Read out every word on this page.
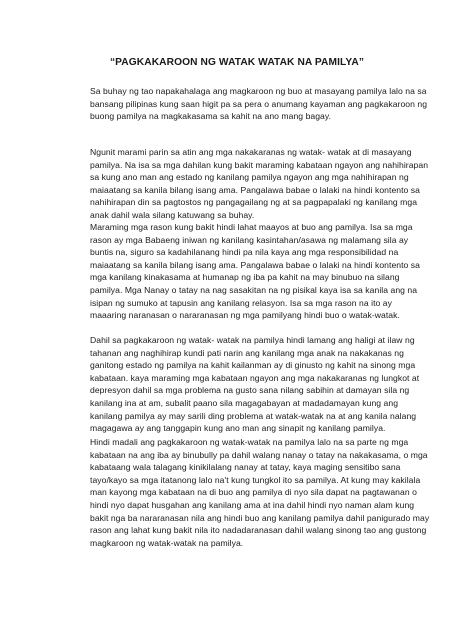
“PAGKAKAROON NG WATAK WATAK NA PAMILYA”
Sa buhay ng tao napakahalaga ang magkaroon ng buo at masayang pamilya lalo na sa
bansang pilipinas kung saan higit pa sa pera o anumang kayaman ang pagkakaroon ng
buong pamilya na magkakasama sa kahit na ano mang bagay.
Ngunit marami parin sa atin ang mga nakakaranas ng watak- watak at di masayang
pamilya. Na isa sa mga dahilan kung bakit maraming kabataan ngayon ang nahihirapan
sa kung ano man ang estado ng kanilang pamilya ngayon ang mga nahihirapan ng
maiaatang sa kanila bilang isang ama. Pangalawa babae o lalaki na hindi kontento sa
nahihirapan din sa pagtostos ng pangagailang ng at sa pagpapalaki ng kanilang mga
anak dahil wala silang katuwang sa buhay.
Maraming mga rason kung bakit hindi lahat maayos at buo ang pamilya. Isa sa mga
rason ay mga Babaeng iniwan ng kanilang kasintahan/asawa ng malamang sila ay
buntis na, siguro sa kadahilanang hindi pa nila kaya ang mga responsibilidad na
maiaatang sa kanila bilang isang ama. Pangalawa babae o lalaki na hindi kontento sa
mga kanilang kinakasama at humanap ng iba pa kahit na may binubuo na silang
pamilya. Mga Nanay o tatay na nag sasakitan na ng pisikal kaya isa sa kanila ang na
isipan ng sumuko at tapusin ang kanilang relasyon. Isa sa mga rason na ito ay
maaaring naranasan o nararanasan ng mga pamilyang hindi buo o watak-watak.
Dahil sa pagkakaroon ng watak- watak na pamilya hindi lamang ang haligi at ilaw ng
tahanan ang naghihirap kundi pati narin ang kanilang mga anak na nakakanas ng
ganitong estado ng pamilya na kahit kailanman ay di ginusto ng kahit na sinong mga
kabataan. kaya maraming mga kabataan ngayon ang mga nakakaranas ng lungkot at
depresyon dahil sa mga problema na gusto sana nilang sabihin at damayan sila ng
kanilang ina at am, subalit paano sila magagabayan at madadamayan kung ang
kanilang pamilya ay may sarili ding problema at watak-watak na at ang kanila nalang
magagawa ay ang tanggapin kung ano man ang sinapit ng kanilang pamilya.
Hindi madali ang pagkakaroon ng watak-watak na pamilya lalo na sa parte ng mga
kabataan na ang iba ay binubully pa dahil walang nanay o tatay na nakakasama, o mga
kabataang wala talagang kinikilalang nanay at tatay, kaya maging sensitibo sana
tayo/kayo sa mga itatanong lalo na't kung tungkol ito sa pamilya. At kung may kakilala
man kayong mga kabataan na di buo ang pamilya di nyo sila dapat na pagtawanan o
hindi nyo dapat husgahan ang kanilang ama at ina dahil hindi nyo naman alam kung
bakit nga ba nararanasan nila ang hindi buo ang kanilang pamilya dahil panigurado may
rason ang lahat kung bakit nila ito nadadaranasan dahil walang sinong tao ang gustong
magkaroon ng watak-watak na pamilya.
